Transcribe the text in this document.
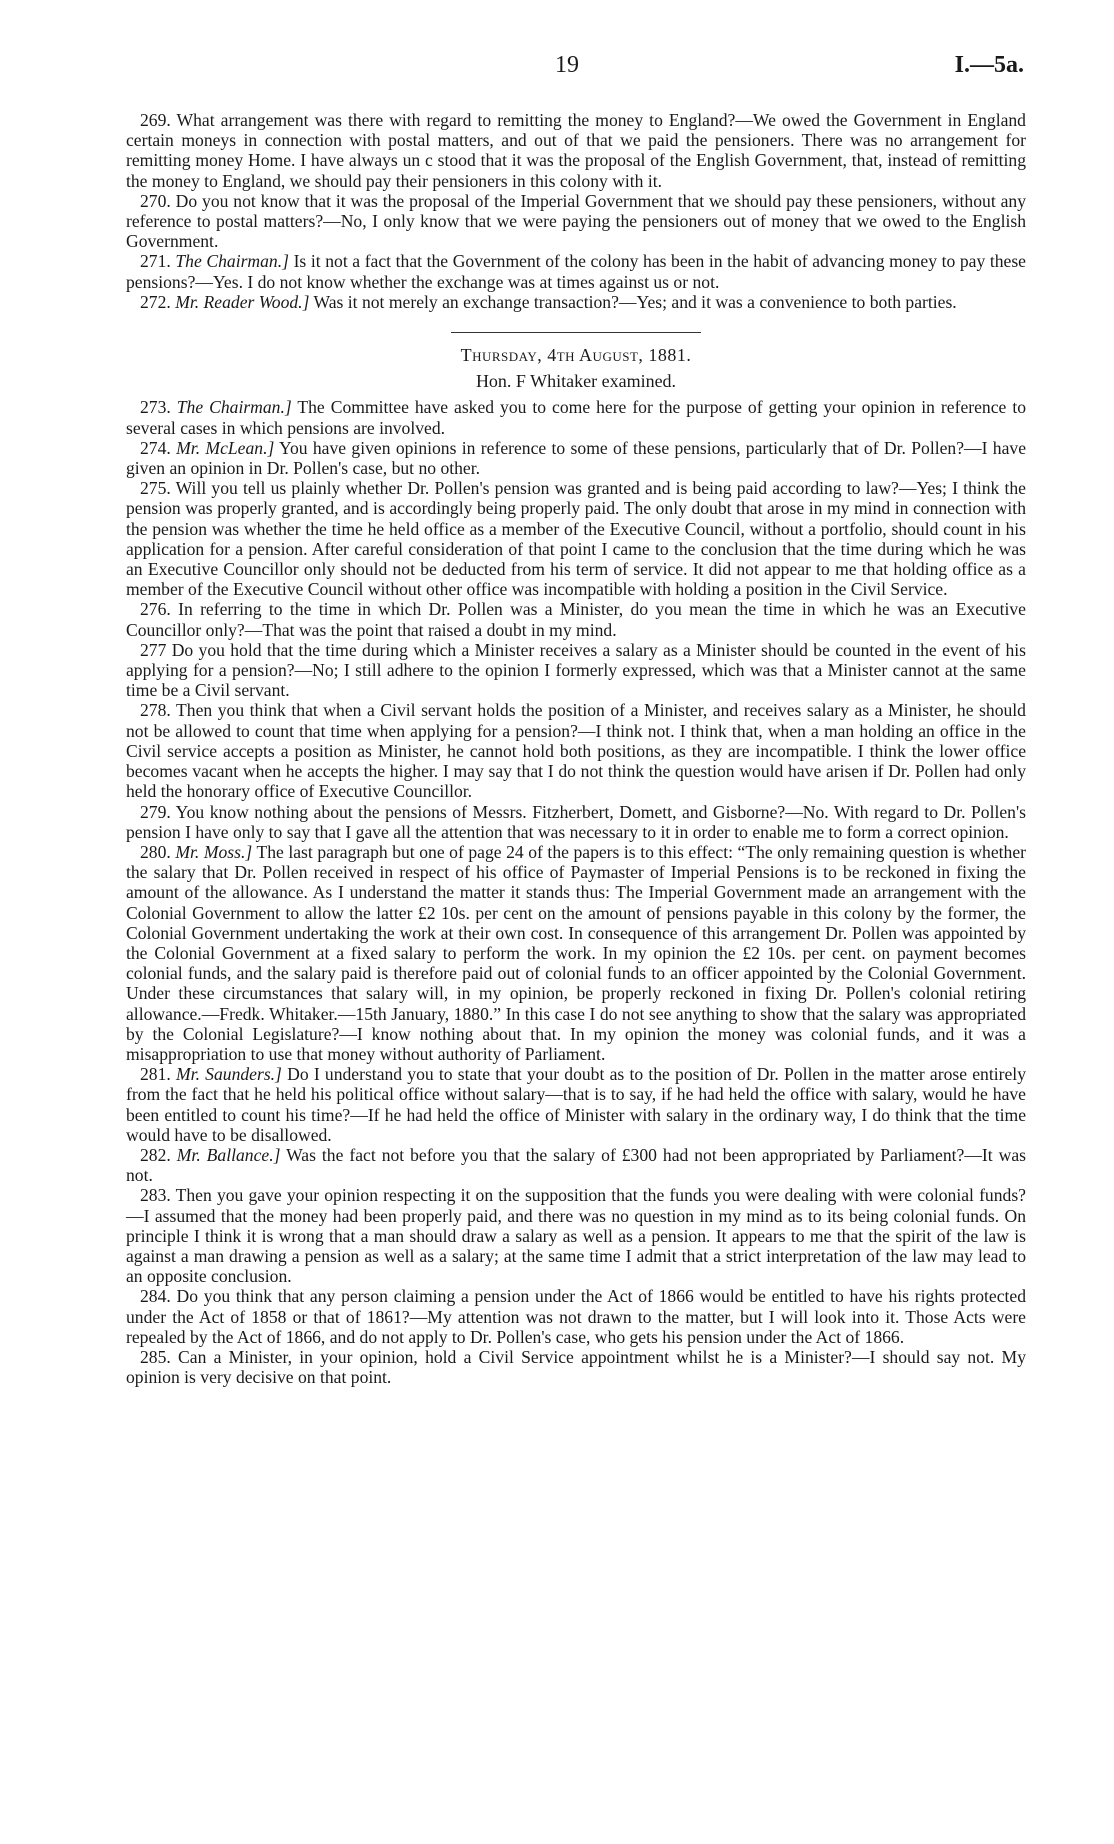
19	I.—5a.

269. What arrangement was there with regard to remitting the money to England?—We owed the Government in England certain moneys in connection with postal matters, and out of that we paid the pensioners. There was no arrangement for remitting money Home. I have always un c stood that it was the proposal of the English Government, that, instead of remitting the money to England, we should pay their pensioners in this colony with it.

270. Do you not know that it was the proposal of the Imperial Government that we should pay these pensioners, without any reference to postal matters?—No, I only know that we were paying the pensioners out of money that we owed to the English Government.

271. The Chairman.] Is it not a fact that the Government of the colony has been in the habit of advancing money to pay these pensions?—Yes. I do not know whether the exchange was at times against us or not.

272. Mr. Reader Wood.] Was it not merely an exchange transaction?—Yes; and it was a convenience to both parties.

Thursday, 4th August, 1881.

Hon. F Whitaker examined.

273. The Chairman.] The Committee have asked you to come here for the purpose of getting your opinion in reference to several cases in which pensions are involved.

274. Mr. McLean.] You have given opinions in reference to some of these pensions, particularly that of Dr. Pollen?—I have given an opinion in Dr. Pollen's case, but no other.

275. Will you tell us plainly whether Dr. Pollen's pension was granted and is being paid according to law?—Yes; I think the pension was properly granted, and is accordingly being properly paid. The only doubt that arose in my mind in connection with the pension was whether the time he held office as a member of the Executive Council, without a portfolio, should count in his application for a pension. After careful consideration of that point I came to the conclusion that the time during which he was an Executive Councillor only should not be deducted from his term of service. It did not appear to me that holding office as a member of the Executive Council without other office was incompatible with holding a position in the Civil Service.

276. In referring to the time in which Dr. Pollen was a Minister, do you mean the time in which he was an Executive Councillor only?—That was the point that raised a doubt in my mind.

277 Do you hold that the time during which a Minister receives a salary as a Minister should be counted in the event of his applying for a pension?—No; I still adhere to the opinion I formerly expressed, which was that a Minister cannot at the same time be a Civil servant.

278. Then you think that when a Civil servant holds the position of a Minister, and receives salary as a Minister, he should not be allowed to count that time when applying for a pension?—I think not. I think that, when a man holding an office in the Civil service accepts a position as Minister, he cannot hold both positions, as they are incompatible. I think the lower office becomes vacant when he accepts the higher. I may say that I do not think the question would have arisen if Dr. Pollen had only held the honorary office of Executive Councillor.

279. You know nothing about the pensions of Messrs. Fitzherbert, Domett, and Gisborne?—No. With regard to Dr. Pollen's pension I have only to say that I gave all the attention that was necessary to it in order to enable me to form a correct opinion.

280. Mr. Moss.] The last paragraph but one of page 24 of the papers is to this effect: “The only remaining question is whether the salary that Dr. Pollen received in respect of his office of Paymaster of Imperial Pensions is to be reckoned in fixing the amount of the allowance. As I understand the matter it stands thus: The Imperial Government made an arrangement with the Colonial Government to allow the latter £2 10s. per cent on the amount of pensions payable in this colony by the former, the Colonial Government undertaking the work at their own cost. In consequence of this arrangement Dr. Pollen was appointed by the Colonial Government at a fixed salary to perform the work. In my opinion the £2 10s. per cent. on payment becomes colonial funds, and the salary paid is therefore paid out of colonial funds to an officer appointed by the Colonial Government. Under these circumstances that salary will, in my opinion, be properly reckoned in fixing Dr. Pollen's colonial retiring allowance.—Fredk. Whitaker.—15th January, 1880.” In this case I do not see anything to show that the salary was appropriated by the Colonial Legislature?—I know nothing about that. In my opinion the money was colonial funds, and it was a misappropriation to use that money without authority of Parliament.

281. Mr. Saunders.] Do I understand you to state that your doubt as to the position of Dr. Pollen in the matter arose entirely from the fact that he held his political office without salary—that is to say, if he had held the office with salary, would he have been entitled to count his time?—If he had held the office of Minister with salary in the ordinary way, I do think that the time would have to be disallowed.

282. Mr. Ballance.] Was the fact not before you that the salary of £300 had not been appropriated by Parliament?—It was not.

283. Then you gave your opinion respecting it on the supposition that the funds you were dealing with were colonial funds?—I assumed that the money had been properly paid, and there was no question in my mind as to its being colonial funds. On principle I think it is wrong that a man should draw a salary as well as a pension. It appears to me that the spirit of the law is against a man drawing a pension as well as a salary; at the same time I admit that a strict interpretation of the law may lead to an opposite conclusion.

284. Do you think that any person claiming a pension under the Act of 1866 would be entitled to have his rights protected under the Act of 1858 or that of 1861?—My attention was not drawn to the matter, but I will look into it. Those Acts were repealed by the Act of 1866, and do not apply to Dr. Pollen's case, who gets his pension under the Act of 1866.

285. Can a Minister, in your opinion, hold a Civil Service appointment whilst he is a Minister?—I should say not. My opinion is very decisive on that point.
